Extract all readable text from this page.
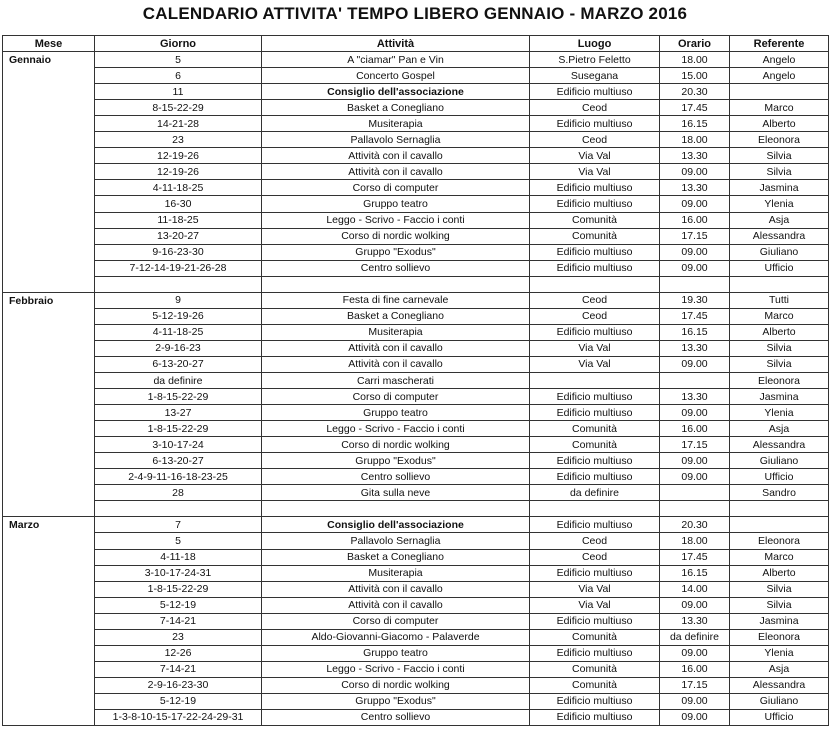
CALENDARIO ATTIVITA' TEMPO LIBERO GENNAIO - MARZO 2016
Mese	Giorno	Attività	Luogo	Orario	Referente
Gennaio	5	A "ciamar" Pan e Vin	S.Pietro Feletto	18.00	Angelo
	6	Concerto Gospel	Susegana	15.00	Angelo
	11	Consiglio dell'associazione	Edificio multiuso	20.30	
	8-15-22-29	Basket a Conegliano	Ceod	17.45	Marco
	14-21-28	Musiterapia	Edificio multiuso	16.15	Alberto
	23	Pallavolo Sernaglia	Ceod	18.00	Eleonora
	12-19-26	Attività con il cavallo	Via Val	13.30	Silvia
	12-19-26	Attività con il cavallo	Via Val	09.00	Silvia
	4-11-18-25	Corso di computer	Edificio multiuso	13.30	Jasmina
	16-30	Gruppo teatro	Edificio multiuso	09.00	Ylenia
	11-18-25	Leggo - Scrivo - Faccio i conti	Comunità	16.00	Asja
	13-20-27	Corso di nordic wolking	Comunità	17.15	Alessandra
	9-16-23-30	Gruppo "Exodus"	Edificio multiuso	09.00	Giuliano
	7-12-14-19-21-26-28	Centro sollievo	Edificio multiuso	09.00	Ufficio

Febbraio	9	Festa di fine carnevale	Ceod	19.30	Tutti
	5-12-19-26	Basket a Conegliano	Ceod	17.45	Marco
	4-11-18-25	Musiterapia	Edificio multiuso	16.15	Alberto
	2-9-16-23	Attività con il cavallo	Via Val	13.30	Silvia
	6-13-20-27	Attività con il cavallo	Via Val	09.00	Silvia
	da definire	Carri mascherati			Eleonora
	1-8-15-22-29	Corso di computer	Edificio multiuso	13.30	Jasmina
	13-27	Gruppo teatro	Edificio multiuso	09.00	Ylenia
	1-8-15-22-29	Leggo - Scrivo - Faccio i conti	Comunità	16.00	Asja
	3-10-17-24	Corso di nordic wolking	Comunità	17.15	Alessandra
	6-13-20-27	Gruppo "Exodus"	Edificio multiuso	09.00	Giuliano
	2-4-9-11-16-18-23-25	Centro sollievo	Edificio multiuso	09.00	Ufficio
	28	Gita sulla neve	da definire		Sandro

Marzo	7	Consiglio dell'associazione	Edificio multiuso	20.30	
	5	Pallavolo Sernaglia	Ceod	18.00	Eleonora
	4-11-18	Basket a Conegliano	Ceod	17.45	Marco
	3-10-17-24-31	Musiterapia	Edificio multiuso	16.15	Alberto
	1-8-15-22-29	Attività con il cavallo	Via Val	14.00	Silvia
	5-12-19	Attività con il cavallo	Via Val	09.00	Silvia
	7-14-21	Corso di computer	Edificio multiuso	13.30	Jasmina
	23	Aldo-Giovanni-Giacomo - Palaverde	Comunità	da definire	Eleonora
	12-26	Gruppo teatro	Edificio multiuso	09.00	Ylenia
	7-14-21	Leggo - Scrivo - Faccio i conti	Comunità	16.00	Asja
	2-9-16-23-30	Corso di nordic wolking	Comunità	17.15	Alessandra
	5-12-19	Gruppo "Exodus"	Edificio multiuso	09.00	Giuliano
	1-3-8-10-15-17-22-24-29-31	Centro sollievo	Edificio multiuso	09.00	Ufficio
